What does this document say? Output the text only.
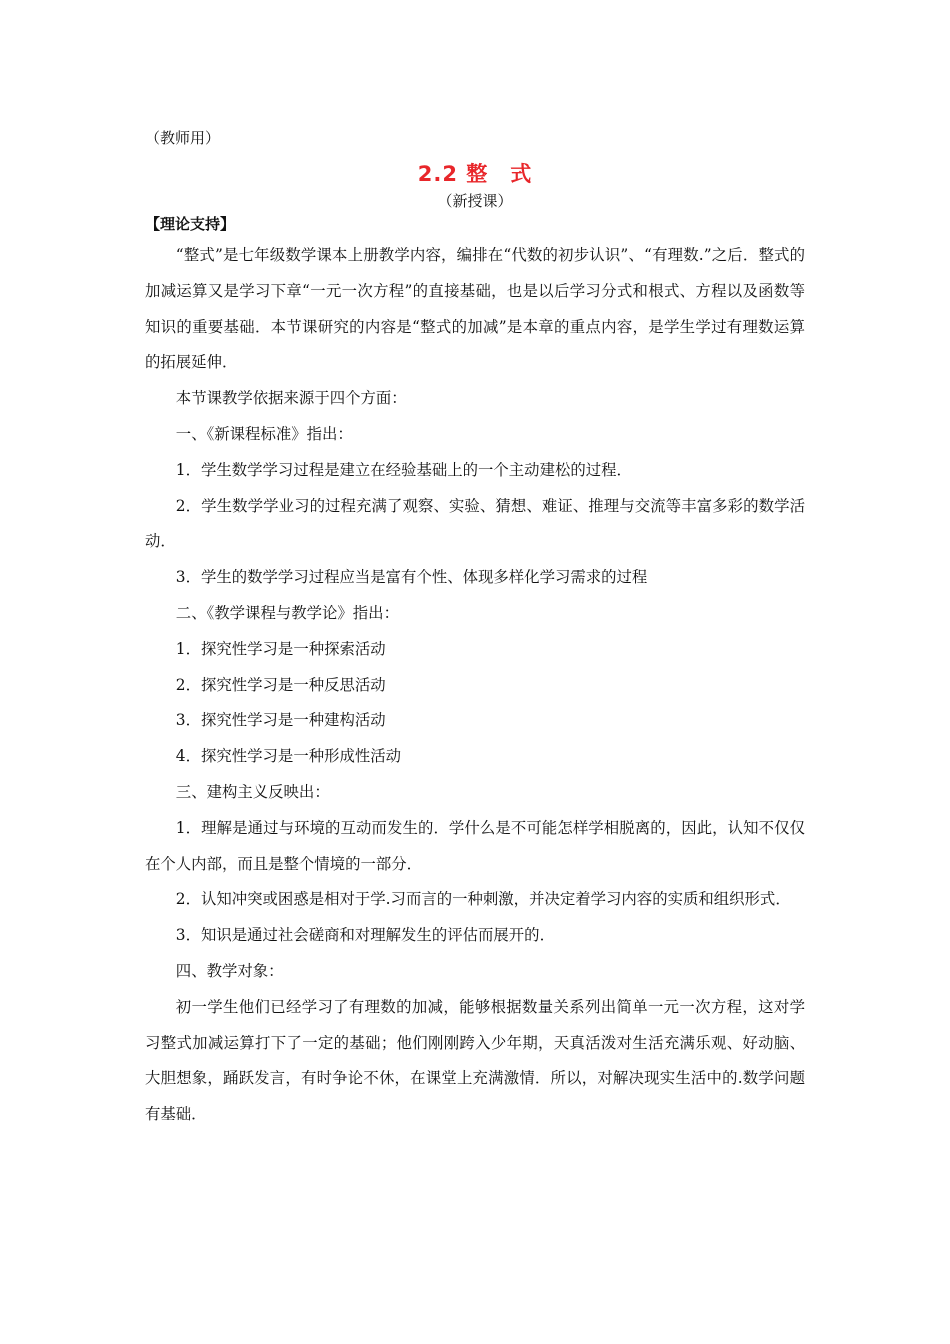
（教师用）
2.2 整　式
（新授课）
【理论支持】

“整式”是七年级数学课本上册教学内容，编排在“代数的初步认识”、“有理数.”之后．整式的加减运算又是学习下章“一元一次方程”的直接基础，也是以后学习分式和根式、方程以及函数等知识的重要基础．本节课研究的内容是“整式的加减”是本章的重点内容，是学生学过有理数运算的拓展延伸．

本节课教学依据来源于四个方面：

一、《新课程标准》指出：

1．学生数学学习过程是建立在经验基础上的一个主动建松的过程．

2．学生数学学业习的过程充满了观察、实验、猜想、难证、推理与交流等丰富多彩的数学活动．

3．学生的数学学习过程应当是富有个性、体现多样化学习需求的过程

二、《教学课程与教学论》指出：

1．探究性学习是一种探索活动

2．探究性学习是一种反思活动

3．探究性学习是一种建构活动

4．探究性学习是一种形成性活动

三、建构主义反映出：

1．理解是通过与环境的互动而发生的．学什么是不可能怎样学相脱离的，因此，认知不仅仅在个人内部，而且是整个情境的一部分．

2．认知冲突或困惑是相对于学.习而言的一种刺激，并决定着学习内容的实质和组织形式．

3．知识是通过社会磋商和对理解发生的评估而展开的．

四、教学对象：

初一学生他们已经学习了有理数的加减，能够根据数量关系列出简单一元一次方程，这对学习整式加减运算打下了一定的基础；他们刚刚跨入少年期，天真活泼对生活充满乐观、好动脑、大胆想象，踊跃发言，有时争论不休，在课堂上充满激情．所以，对解决现实生活中的.数学问题有基础．
